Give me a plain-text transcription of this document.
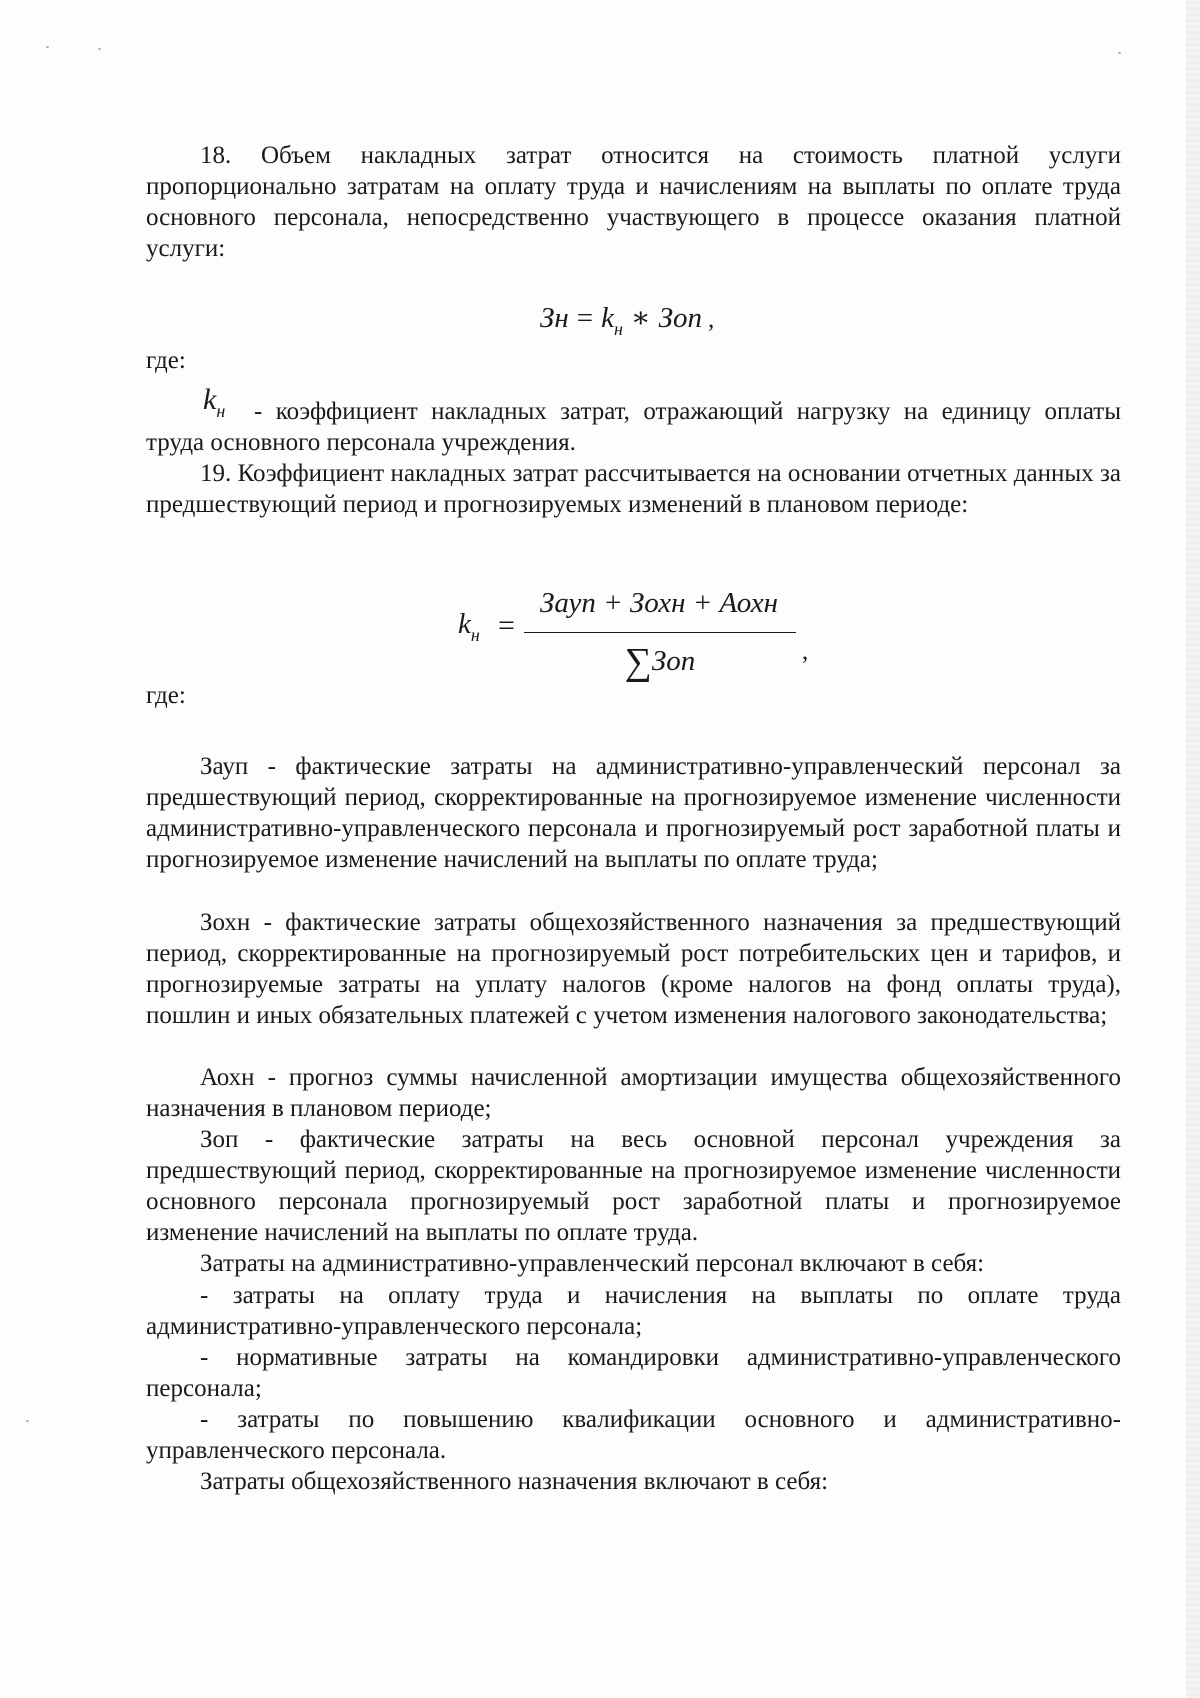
18. Объем накладных затрат относится на стоимость платной услуги пропорционально затратам на оплату труда и начислениям на выплаты по оплате труда основного персонала, непосредственно участвующего в процессе оказания платной услуги:

Зн = $k_н$ ∗ Зоп ,
где:
$k_н$	- коэффициент накладных затрат, отражающий нагрузку на единицу оплаты труда основного персонала учреждения.

19. Коэффициент накладных затрат рассчитывается на основании отчетных данных за предшествующий период и прогнозируемых изменений в плановом периоде:

$k_н$ =
Зауп + Зохн + Аохн
∑Зоп	,
где:

Зауп - фактические затраты на административно-управленческий персонал за предшествующий период, скорректированные на прогнозируемое изменение численности административно-управленческого персонала и прогнозируемый рост заработной платы и прогнозируемое изменение начислений на выплаты по оплате труда;

Зохн - фактические затраты общехозяйственного назначения за предшествующий период, скорректированные на прогнозируемый рост потребительских цен и тарифов, и прогнозируемые затраты на уплату налогов (кроме налогов на фонд оплаты труда), пошлин и иных обязательных платежей с учетом изменения налогового законодательства;

Аохн - прогноз суммы начисленной амортизации имущества общехозяйственного назначения в плановом периоде;

Зоп - фактические затраты на весь основной персонал учреждения за предшествующий период, скорректированные на прогнозируемое изменение численности основного персонала прогнозируемый рост заработной платы и прогнозируемое изменение начислений на выплаты по оплате труда.

Затраты на административно-управленческий персонал включают в себя:

- затраты на оплату труда и начисления на выплаты по оплате труда административно-управленческого персонала;

- нормативные затраты на командировки административно-управленческого персонала;

- затраты по повышению квалификации основного и административно-управленческого персонала.

Затраты общехозяйственного назначения включают в себя:
